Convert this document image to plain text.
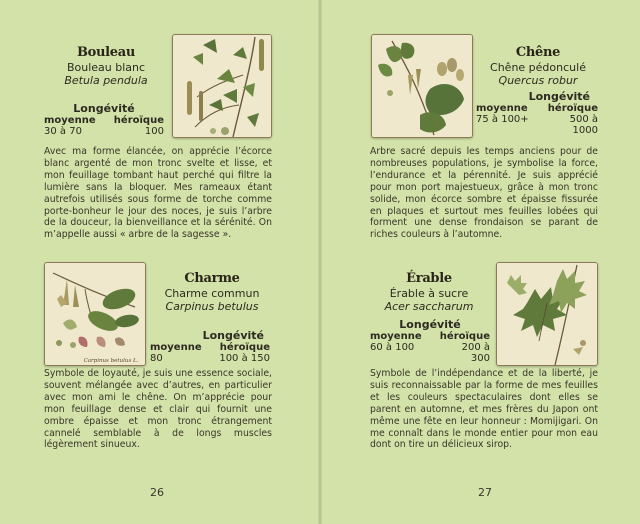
Bouleau
Bouleau blanc
Betula pendula
Longévité
moyenne héroïque
30 à 70	100
Avec ma forme élancée, on apprécie l’écorce blanc argenté de mon tronc svelte et lisse, et mon feuillage tombant haut perché qui filtre la lumière sans la bloquer. Mes rameaux étant autrefois utilisés sous forme de torche comme porte-bonheur le jour des noces, je suis l’arbre de la douceur, la bienveillance et la sérénité. On m’appelle aussi « arbre de la sagesse ».
Carpinus betulus L.
Charme
Charme commun
Carpinus betulus
Longévité
moyenne héroïque
80	100 à 150
Symbole de loyauté, je suis une essence sociale, souvent mélangée avec d’autres, en particulier avec mon ami le chêne. On m’apprécie pour mon feuillage dense et clair qui fournit une ombre épaisse et mon tronc étrangement cannelé semblable à de longs muscles légèrement sinueux.
26
Chêne
Chêne pédonculé
Quercus robur
Longévité
moyenne héroïque
75 à 100+	500 à 1000
Arbre sacré depuis les temps anciens pour de nombreuses populations, je symbolise la force, l’endurance et la pérennité. Je suis apprécié pour mon port majestueux, grâce à mon tronc solide, mon écorce sombre et épaisse fissurée en plaques et surtout mes feuilles lobées qui forment une dense frondaison se parant de riches couleurs à l’automne.
Érable
Érable à sucre
Acer saccharum
Longévité
moyenne héroïque
60 à 100	200 à 300
Symbole de l’indépendance et de la liberté, je suis reconnaissable par la forme de mes feuilles et les couleurs spectaculaires dont elles se parent en automne, et mes frères du Japon ont même une fête en leur honneur : Momijigari. On me connaît dans le monde entier pour mon eau dont on tire un délicieux sirop.
27
